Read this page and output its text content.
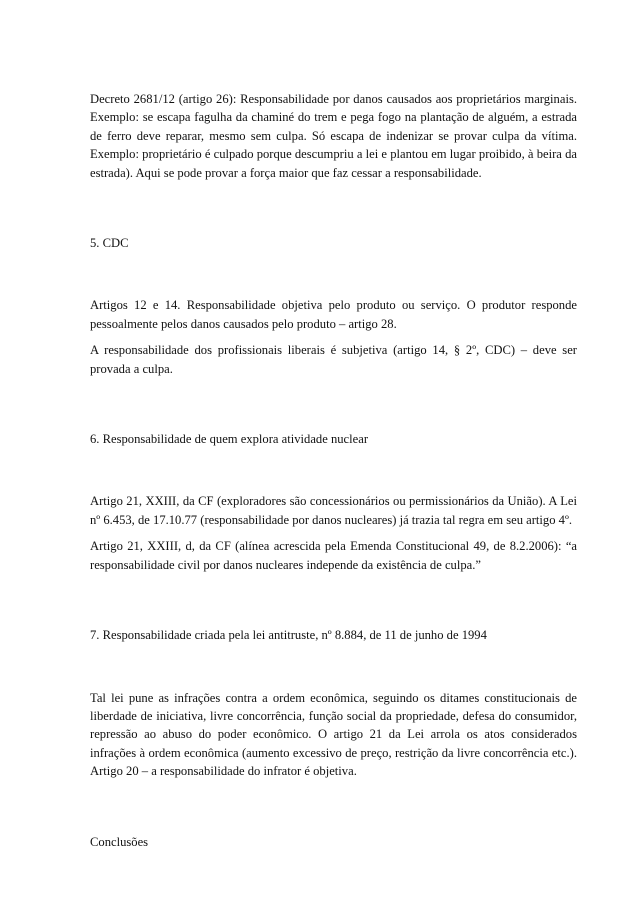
Decreto 2681/12 (artigo 26): Responsabilidade por danos causados aos proprietários marginais. Exemplo: se escapa fagulha da chaminé do trem e pega fogo na plantação de alguém, a estrada de ferro deve reparar, mesmo sem culpa. Só escapa de indenizar se provar culpa da vítima. Exemplo: proprietário é culpado porque descumpriu a lei e plantou em lugar proibido, à beira da estrada). Aqui se pode provar a força maior que faz cessar a responsabilidade.

5. CDC

Artigos 12 e 14. Responsabilidade objetiva pelo produto ou serviço. O produtor responde pessoalmente pelos danos causados pelo produto – artigo 28.

A responsabilidade dos profissionais liberais é subjetiva (artigo 14, § 2º, CDC) – deve ser provada a culpa.

6. Responsabilidade de quem explora atividade nuclear

Artigo 21, XXIII, da CF (exploradores são concessionários ou permissionários da União). A Lei nº 6.453, de 17.10.77 (responsabilidade por danos nucleares) já trazia tal regra em seu artigo 4º.

Artigo 21, XXIII, d, da CF (alínea acrescida pela Emenda Constitucional 49, de 8.2.2006): “a responsabilidade civil por danos nucleares independe da existência de culpa.”

7. Responsabilidade criada pela lei antitruste, nº 8.884, de 11 de junho de 1994

Tal lei pune as infrações contra a ordem econômica, seguindo os ditames constitucionais de liberdade de iniciativa, livre concorrência, função social da propriedade, defesa do consumidor, repressão ao abuso do poder econômico. O artigo 21 da Lei arrola os atos considerados infrações à ordem econômica (aumento excessivo de preço, restrição da livre concorrência etc.). Artigo 20 – a responsabilidade do infrator é objetiva.

Conclusões
